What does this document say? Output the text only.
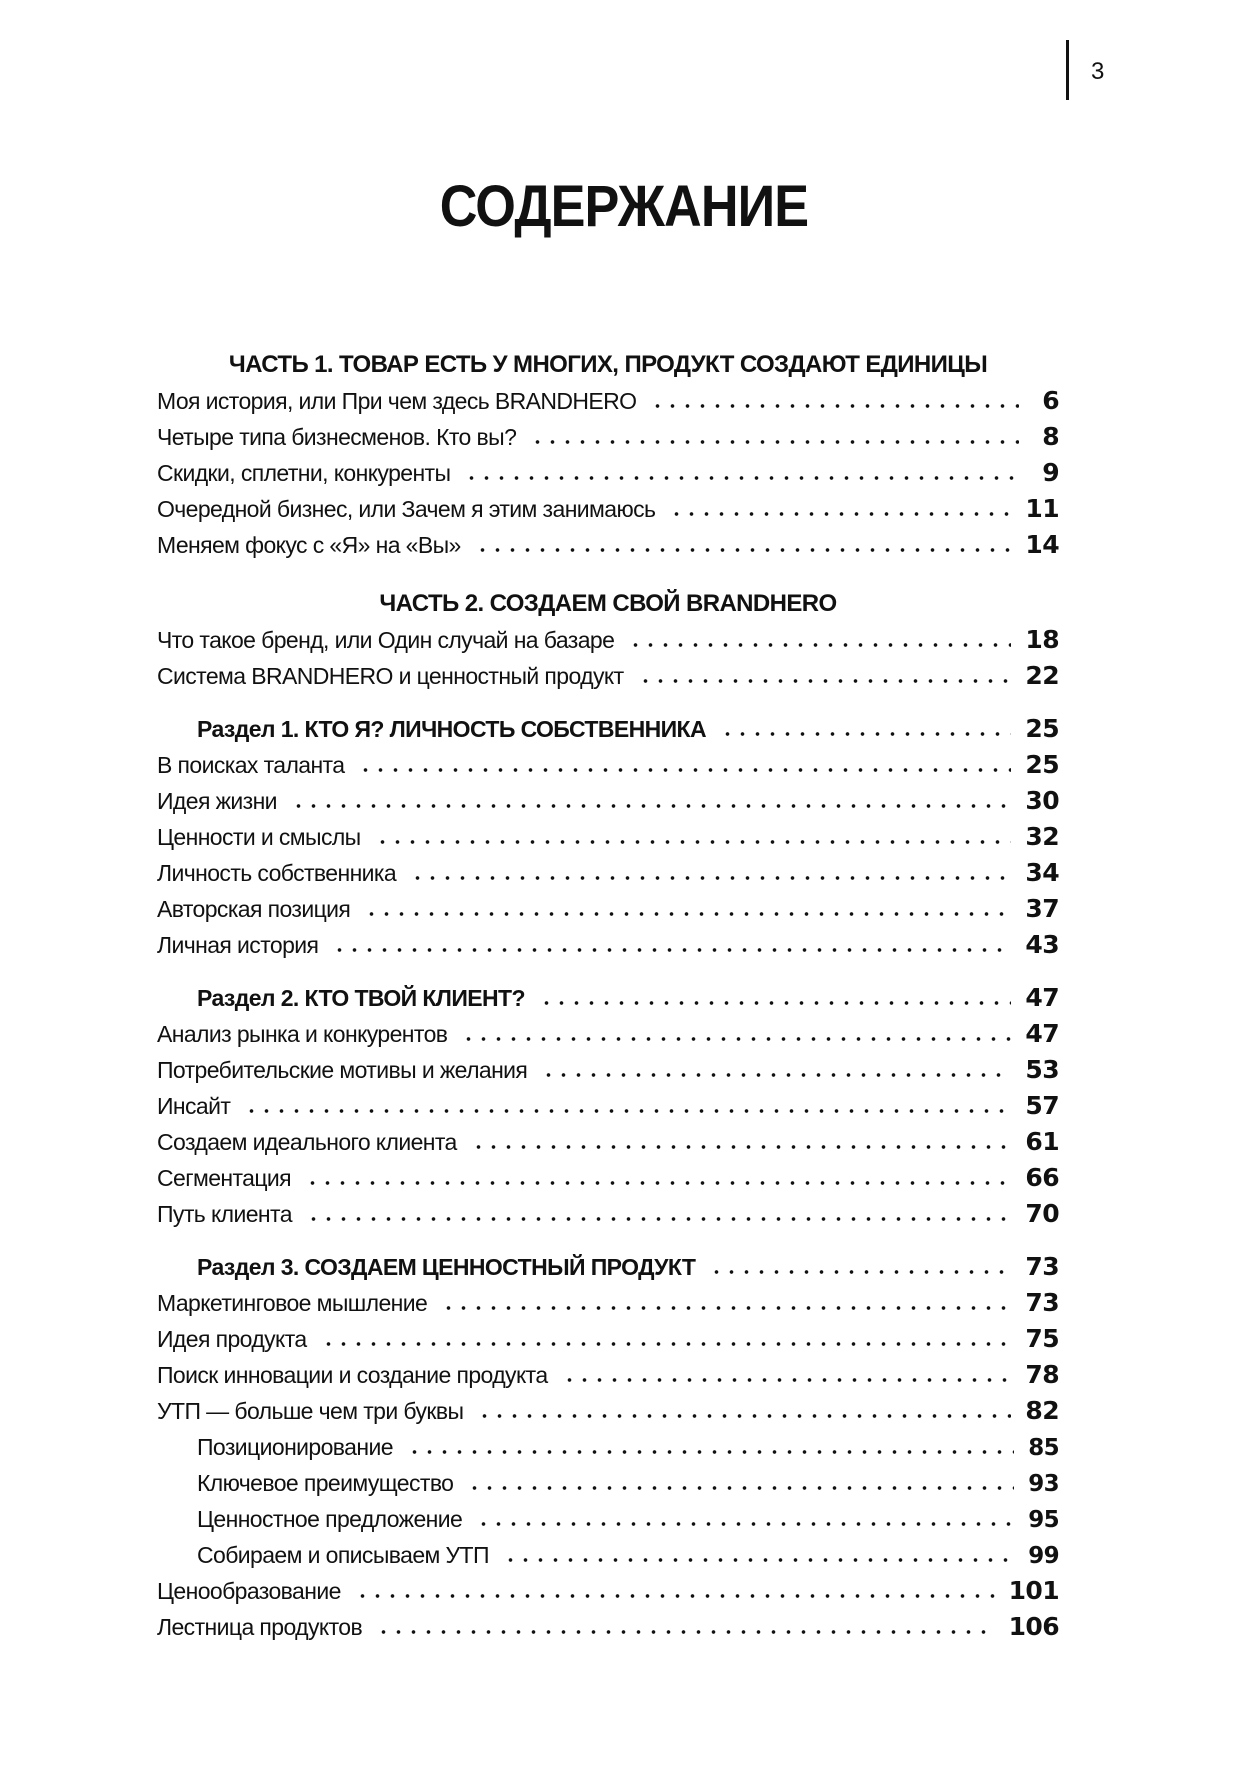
3
СОДЕРЖАНИЕ
ЧАСТЬ 1. ТОВАР ЕСТЬ У МНОГИХ, ПРОДУКТ СОЗДАЮТ ЕДИНИЦЫ
Моя история, или При чем здесь BRANDHERO	6
Четыре типа бизнесменов. Кто вы?	8
Скидки, сплетни, конкуренты	9
Очередной бизнес, или Зачем я этим занимаюсь	11
Меняем фокус с «Я» на «Вы»	14
ЧАСТЬ 2. СОЗДАЕМ СВОЙ BRANDHERO
Что такое бренд, или Один случай на базаре	18
Система BRANDHERO и ценностный продукт	22
Раздел 1. КТО Я? ЛИЧНОСТЬ СОБСТВЕННИКА	25
В поисках таланта	25
Идея жизни	30
Ценности и смыслы	32
Личность собственника	34
Авторская позиция	37
Личная история	43
Раздел 2. КТО ТВОЙ КЛИЕНТ?	47
Анализ рынка и конкурентов	47
Потребительские мотивы и желания	53
Инсайт	57
Создаем идеального клиента	61
Сегментация	66
Путь клиента	70
Раздел 3. СОЗДАЕМ ЦЕННОСТНЫЙ ПРОДУКТ	73
Маркетинговое мышление	73
Идея продукта	75
Поиск инновации и создание продукта	78
УТП — больше чем три буквы	82
Позиционирование	85
Ключевое преимущество	93
Ценностное предложение	95
Собираем и описываем УТП	99
Ценообразование	101
Лестница продуктов	106
